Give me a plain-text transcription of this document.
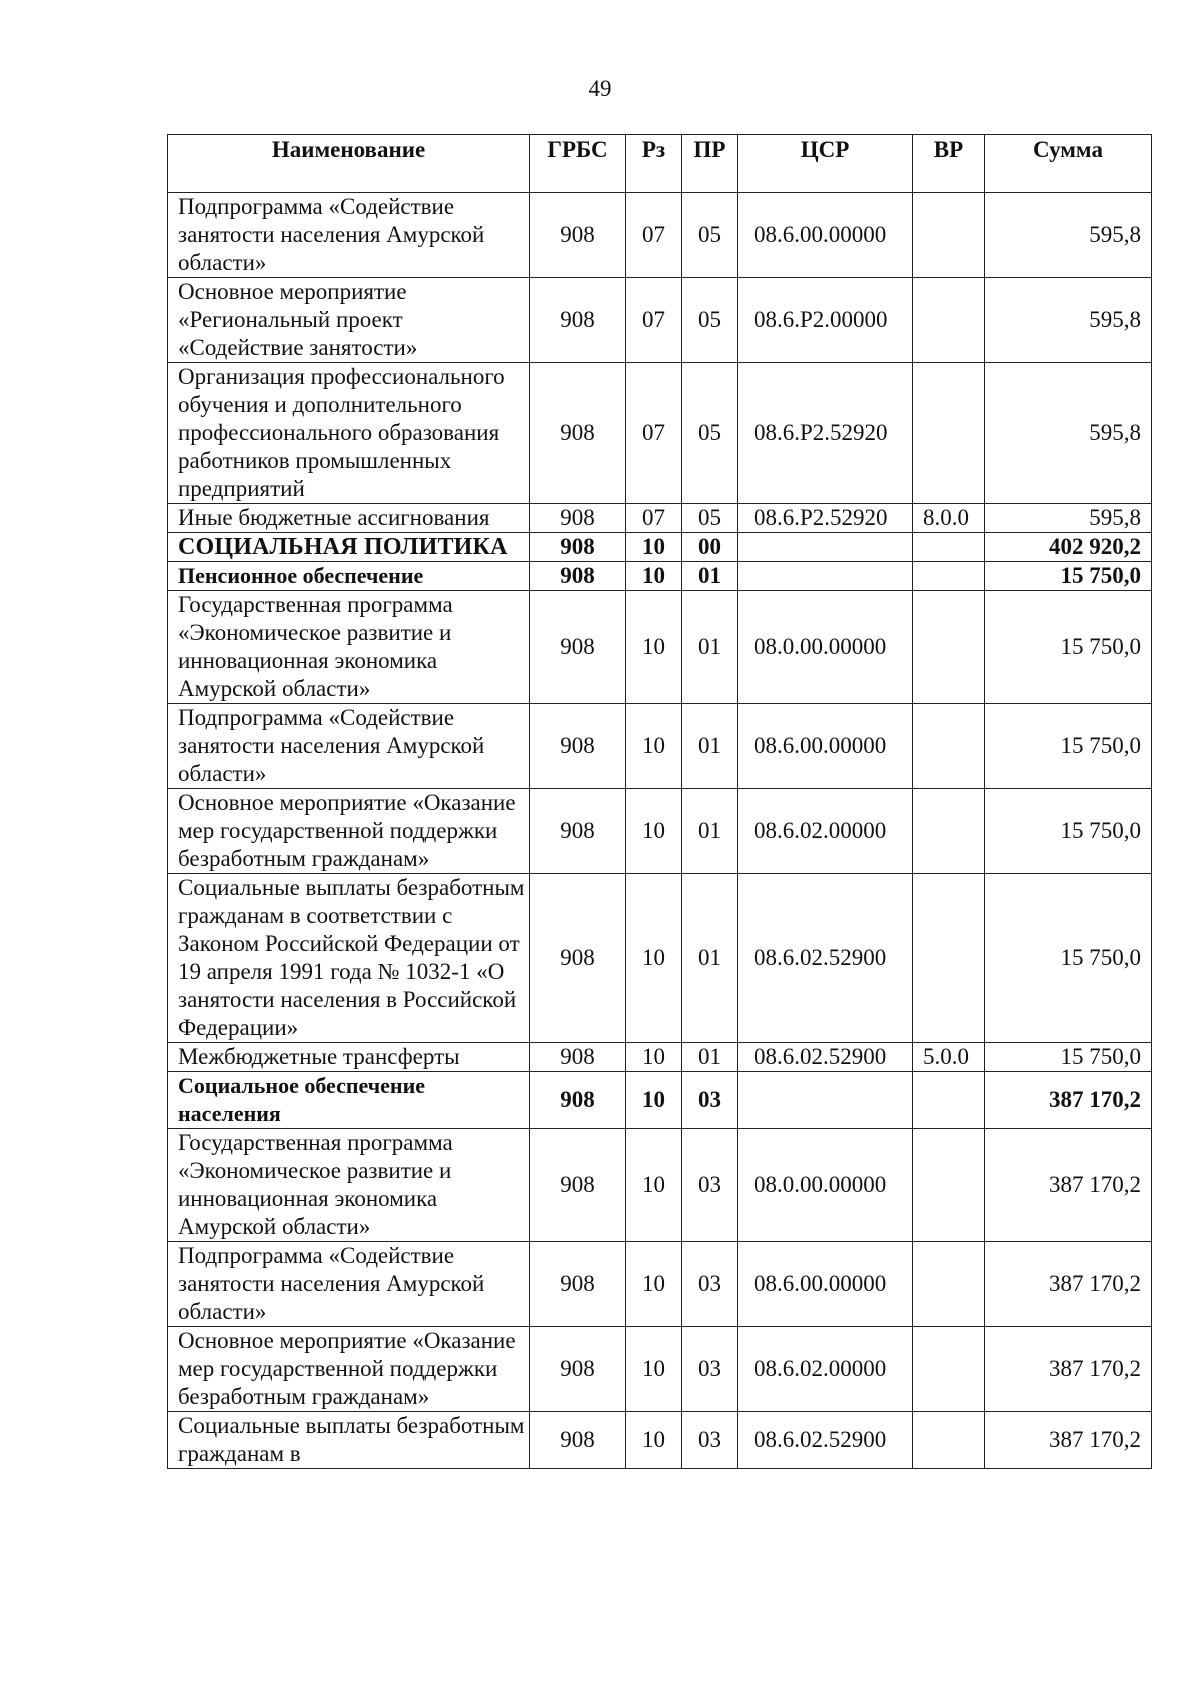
49
Наименование	ГРБС	Рз	ПР	ЦСР	ВР	Сумма
Подпрограмма «Содействие занятости населения Амурской области»	908	07	05	08.6.00.00000		595,8
Основное мероприятие «Региональный проект «Содействие занятости»	908	07	05	08.6.Р2.00000		595,8
Организация профессионального обучения и дополнительного профессионального образования работников промышленных предприятий	908	07	05	08.6.Р2.52920		595,8
Иные бюджетные ассигнования	908	07	05	08.6.Р2.52920	8.0.0	595,8
СОЦИАЛЬНАЯ ПОЛИТИКА	908	10	00			402 920,2
Пенсионное обеспечение	908	10	01			15 750,0
Государственная программа «Экономическое развитие и инновационная экономика Амурской области»	908	10	01	08.0.00.00000		15 750,0
Подпрограмма «Содействие занятости населения Амурской области»	908	10	01	08.6.00.00000		15 750,0
Основное мероприятие «Оказание мер государственной поддержки безработным гражданам»	908	10	01	08.6.02.00000		15 750,0
Социальные выплаты безработным гражданам в соответствии с Законом Российской Федерации от 19 апреля 1991 года № 1032-1 «О занятости населения в Российской Федерации»	908	10	01	08.6.02.52900		15 750,0
Межбюджетные трансферты	908	10	01	08.6.02.52900	5.0.0	15 750,0
Социальное обеспечение населения	908	10	03			387 170,2
Государственная программа «Экономическое развитие и инновационная экономика Амурской области»	908	10	03	08.0.00.00000		387 170,2
Подпрограмма «Содействие занятости населения Амурской области»	908	10	03	08.6.00.00000		387 170,2
Основное мероприятие «Оказание мер государственной поддержки безработным гражданам»	908	10	03	08.6.02.00000		387 170,2
Социальные выплаты безработным гражданам в	908	10	03	08.6.02.52900		387 170,2
